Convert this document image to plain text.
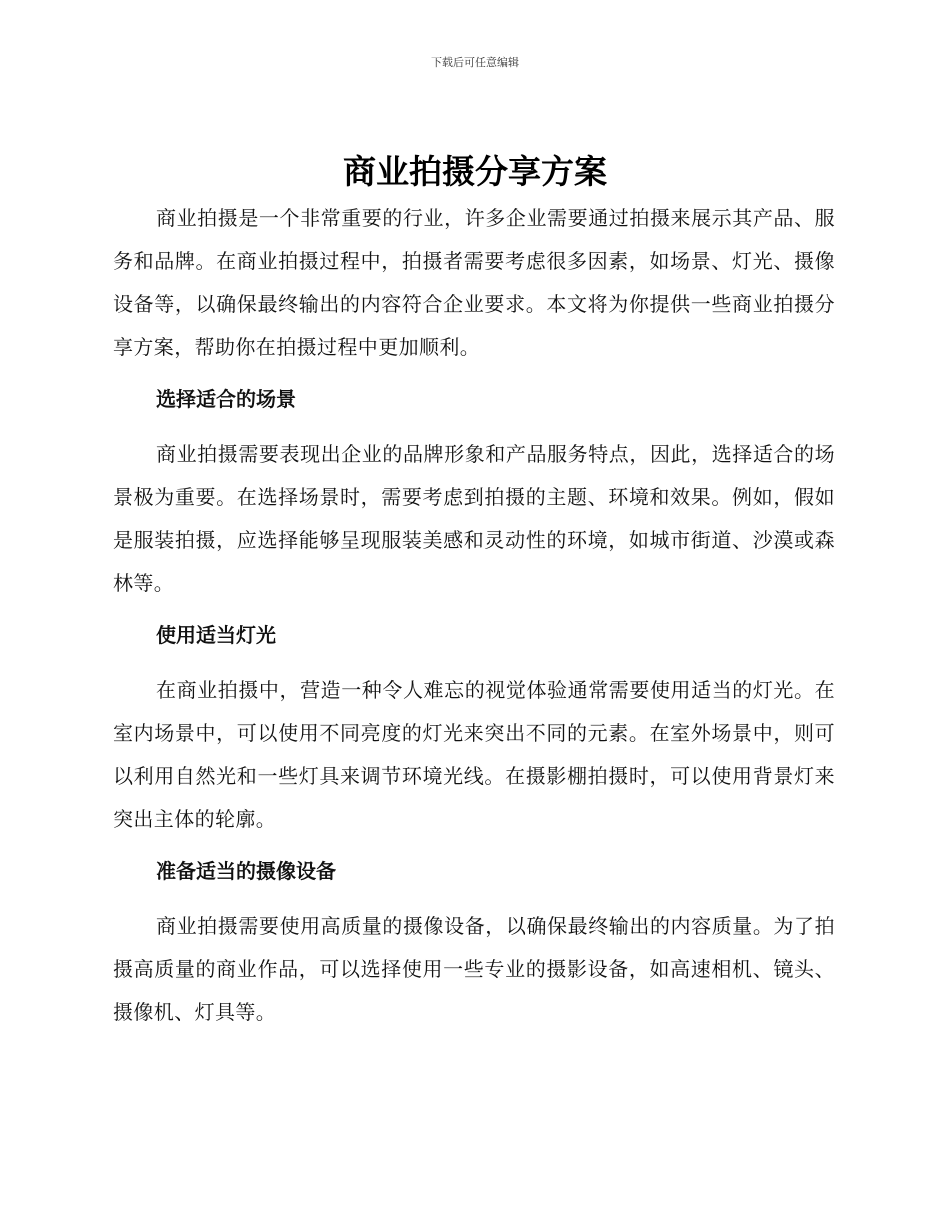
下载后可任意编辑
商业拍摄分享方案

商业拍摄是一个非常重要的行业，许多企业需要通过拍摄来展示其产品、服务和品牌。在商业拍摄过程中，拍摄者需要考虑很多因素，如场景、灯光、摄像设备等，以确保最终输出的内容符合企业要求。本文将为你提供一些商业拍摄分享方案，帮助你在拍摄过程中更加顺利。

选择适合的场景

商业拍摄需要表现出企业的品牌形象和产品服务特点，因此，选择适合的场景极为重要。在选择场景时，需要考虑到拍摄的主题、环境和效果。例如，假如是服装拍摄，应选择能够呈现服装美感和灵动性的环境，如城市街道、沙漠或森林等。

使用适当灯光

在商业拍摄中，营造一种令人难忘的视觉体验通常需要使用适当的灯光。在室内场景中，可以使用不同亮度的灯光来突出不同的元素。在室外场景中，则可以利用自然光和一些灯具来调节环境光线。在摄影棚拍摄时，可以使用背景灯来突出主体的轮廓。

准备适当的摄像设备

商业拍摄需要使用高质量的摄像设备，以确保最终输出的内容质量。为了拍摄高质量的商业作品，可以选择使用一些专业的摄影设备，如高速相机、镜头、摄像机、灯具等。
